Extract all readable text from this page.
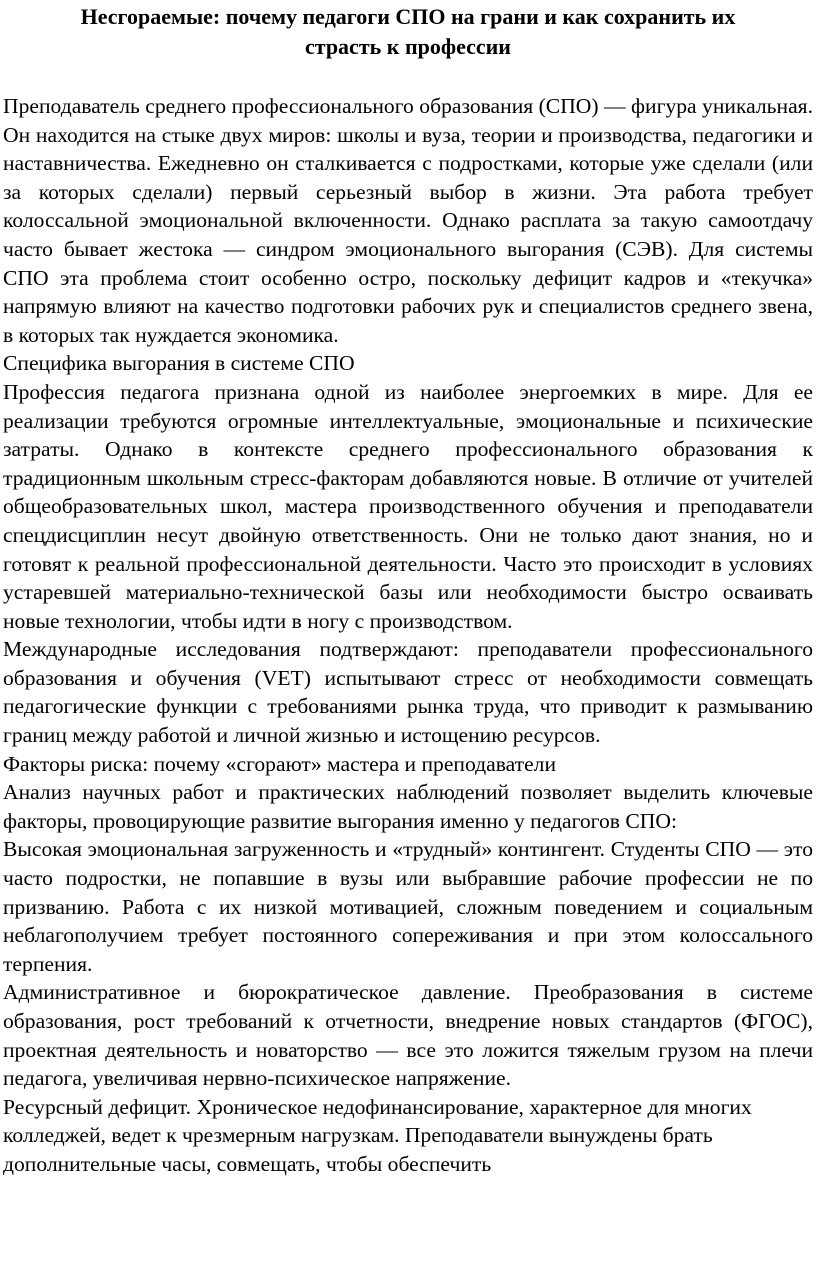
Несгораемые: почему педагоги СПО на грани и как сохранить их страсть к профессии

Преподаватель среднего профессионального образования (СПО) — фигура уникальная. Он находится на стыке двух миров: школы и вуза, теории и производства, педагогики и наставничества. Ежедневно он сталкивается с подростками, которые уже сделали (или за которых сделали) первый серьезный выбор в жизни. Эта работа требует колоссальной эмоциональной включенности. Однако расплата за такую самоотдачу часто бывает жестока — синдром эмоционального выгорания (СЭВ). Для системы СПО эта проблема стоит особенно остро, поскольку дефицит кадров и «текучка» напрямую влияют на качество подготовки рабочих рук и специалистов среднего звена, в которых так нуждается экономика.

Специфика выгорания в системе СПО

Профессия педагога признана одной из наиболее энергоемких в мире. Для ее реализации требуются огромные интеллектуальные, эмоциональные и психические затраты. Однако в контексте среднего профессионального образования к традиционным школьным стресс-факторам добавляются новые. В отличие от учителей общеобразовательных школ, мастера производственного обучения и преподаватели спецдисциплин несут двойную ответственность. Они не только дают знания, но и готовят к реальной профессиональной деятельности. Часто это происходит в условиях устаревшей материально-технической базы или необходимости быстро осваивать новые технологии, чтобы идти в ногу с производством.

Международные исследования подтверждают: преподаватели профессионального образования и обучения (VET) испытывают стресс от необходимости совмещать педагогические функции с требованиями рынка труда, что приводит к размыванию границ между работой и личной жизнью и истощению ресурсов.

Факторы риска: почему «сгорают» мастера и преподаватели

Анализ научных работ и практических наблюдений позволяет выделить ключевые факторы, провоцирующие развитие выгорания именно у педагогов СПО:

Высокая эмоциональная загруженность и «трудный» контингент. Студенты СПО — это часто подростки, не попавшие в вузы или выбравшие рабочие профессии не по призванию. Работа с их низкой мотивацией, сложным поведением и социальным неблагополучием требует постоянного сопереживания и при этом колоссального терпения.

Административное и бюрократическое давление. Преобразования в системе образования, рост требований к отчетности, внедрение новых стандартов (ФГОС), проектная деятельность и новаторство — все это ложится тяжелым грузом на плечи педагога, увеличивая нервно-психическое напряжение.

Ресурсный дефицит. Хроническое недофинансирование, характерное для многих колледжей, ведет к чрезмерным нагрузкам. Преподаватели вынуждены брать дополнительные часы, совмещать, чтобы обеспечить
